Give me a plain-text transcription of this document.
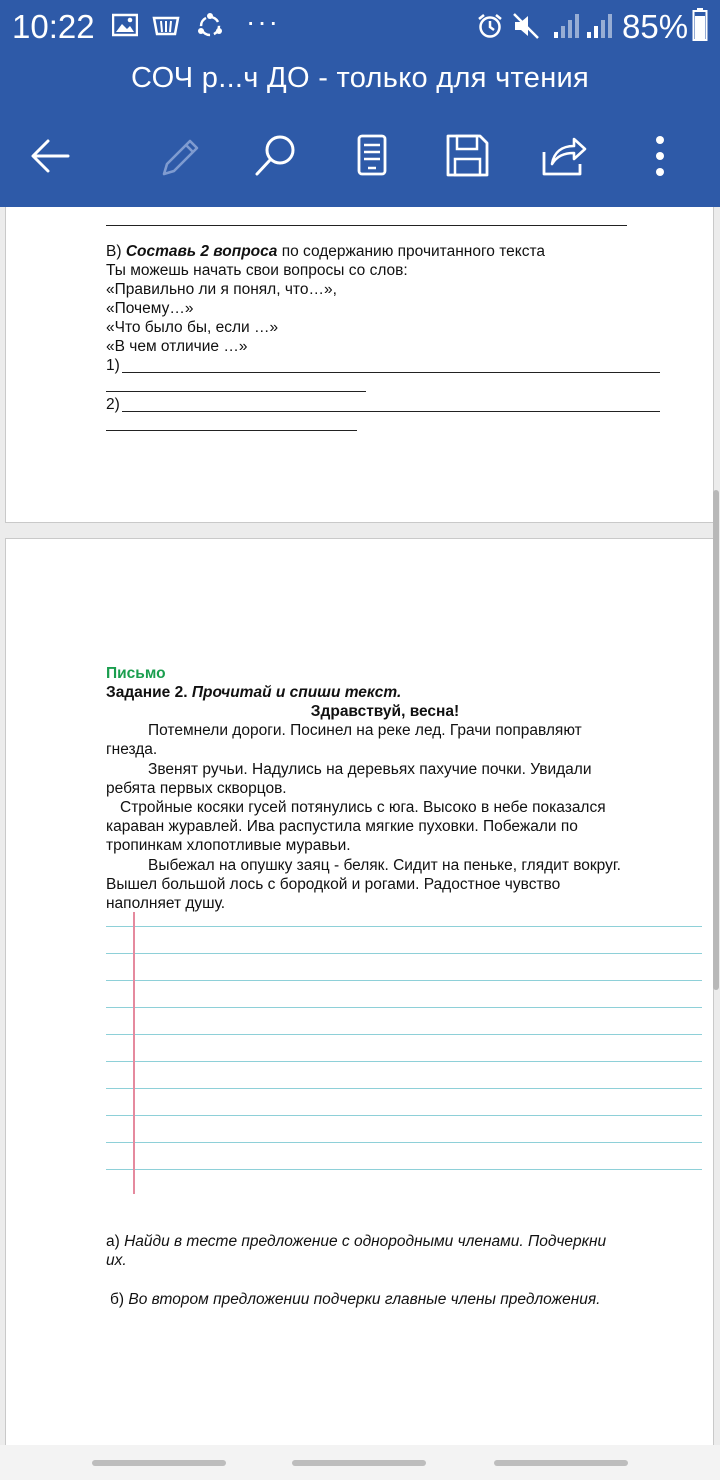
10:22	···	85%
СОЧ р...ч ДО - только для чтения
В) Составь 2 вопроса по содержанию прочитанного текста
Ты можешь начать свои вопросы со слов:
«Правильно ли я понял, что…»,
«Почему…»
«Что было бы, если …»
«В чем отличие …»
1)
2)
Письмо
Задание 2. Прочитай и спиши текст.
Здравствуй, весна!
Потемнели дороги. Посинел на реке лед. Грачи поправляют
гнезда.
Звенят ручьи. Надулись на деревьях пахучие почки. Увидали
ребята первых скворцов.
Стройные косяки гусей потянулись с юга. Высоко в небе показался
караван журавлей. Ива распустила мягкие пуховки. Побежали по
тропинкам хлопотливые муравьи.
Выбежал на опушку заяц - беляк. Сидит на пеньке, глядит вокруг.
Вышел большой лось с бородкой и рогами. Радостное чувство
наполняет душу.
а) Найди в тесте предложение с однородными членами. Подчеркни
их.
б) Во втором предложении подчерки главные члены предложения.
